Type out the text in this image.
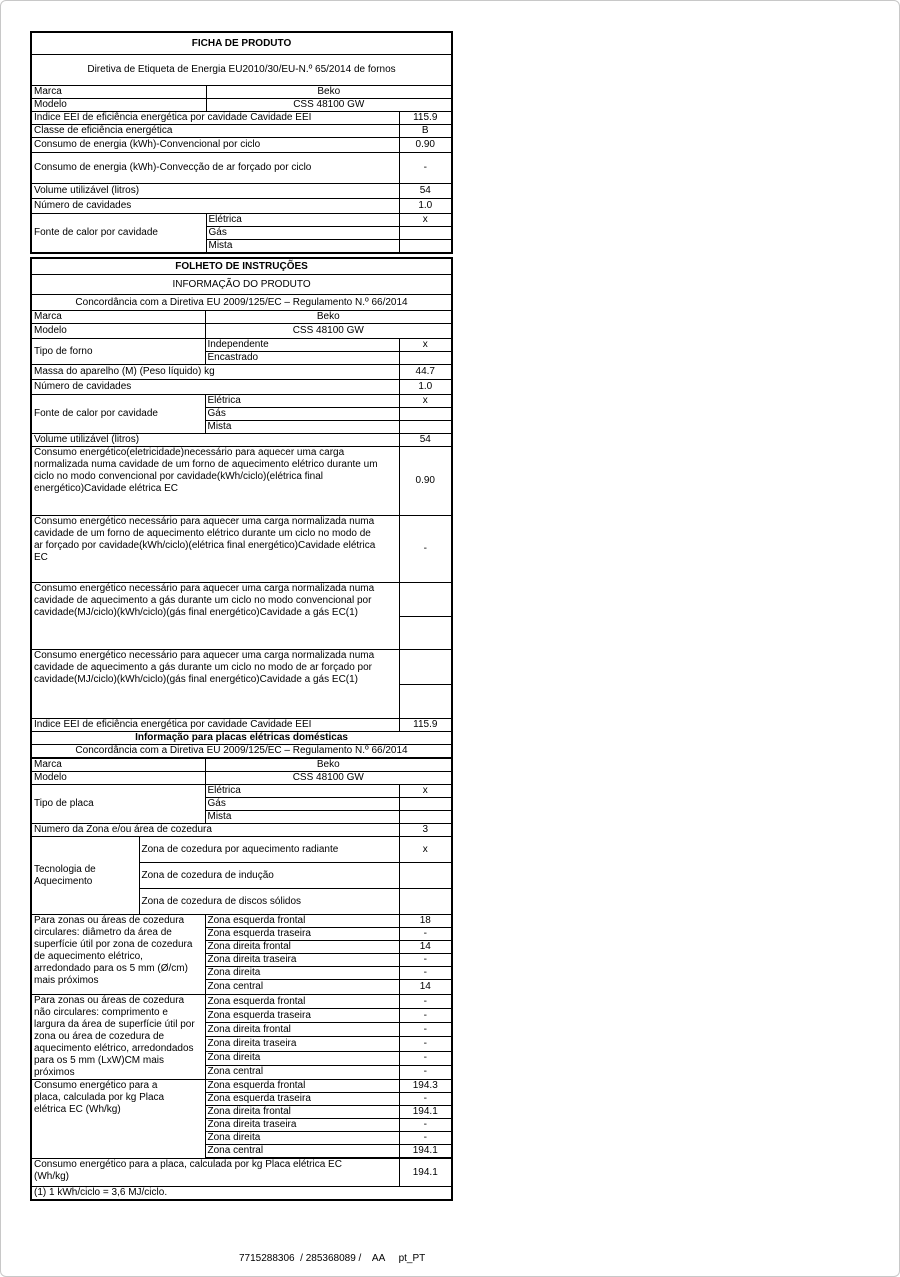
FICHA DE PRODUTO		
Diretiva de Etiqueta de Energia EU2010/30/EU-N.º 65/2014 de fornos		
Marca	Beko	
Modelo	CSS 48100 GW	
Indice EEI de eficiência energética por cavidade Cavidade EEI		115.9
Classe de eficiência energética		B
Consumo de energia (kWh)-Convencional por ciclo		0.90
Consumo de energia (kWh)-Convecção de ar forçado por ciclo		-
Volume utilizável (litros)		54
Número de cavidades		1.0
Fonte de calor por cavidade	Elétrica	x
	Gás	
	Mista	
FOLHETO DE INSTRUÇÕES			
INFORMAÇÃO DO PRODUTO			
Concordância com a Diretiva EU 2009/125/EC – Regulamento N.º 66/2014			
Marca		Beko	
Modelo		CSS 48100 GW	
Tipo de forno		Independente	x
		Encastrado	
Massa do aparelho (M) (Peso líquido) kg			44.7
Número de cavidades			1.0
Fonte de calor por cavidade		Elétrica	x
		Gás	
		Mista	
Volume utilizável (litros)			54
Consumo energético(eletricidade)necessário para aquecer uma carga normalizada numa cavidade de um forno de aquecimento elétrico durante um ciclo no modo convencional por cavidade(kWh/ciclo)(elétrica final energético)Cavidade elétrica EC			0.90
Consumo energético necessário para aquecer uma carga normalizada numa cavidade de um forno de aquecimento elétrico durante um ciclo no modo de ar forçado por cavidade(kWh/ciclo)(elétrica final energético)Cavidade elétrica EC			-
Consumo energético necessário para aquecer uma carga normalizada numa cavidade de aquecimento a gás durante um ciclo no modo convencional por cavidade(MJ/ciclo)(kWh/ciclo)(gás final energético)Cavidade a gás EC(1)			

Consumo energético necessário para aquecer uma carga normalizada numa cavidade de aquecimento a gás durante um ciclo no modo de ar forçado por cavidade(MJ/ciclo)(kWh/ciclo)(gás final energético)Cavidade a gás EC(1)			

Indice EEI de eficiência energética por cavidade Cavidade EEI			115.9
Informação para placas elétricas domésticas			
Concordância com a Diretiva EU 2009/125/EC – Regulamento N.º 66/2014			
Marca		Beko	
Modelo		CSS 48100 GW	
Tipo de placa		Elétrica	x
		Gás	
		Mista	
Numero da Zona e/ou área de cozedura			3
Tecnologia de Aquecimento	Zona de cozedura por aquecimento radiante		x
	Zona de cozedura de indução		
	Zona de cozedura de discos sólidos		
Para zonas ou áreas de cozedura circulares: diâmetro da área de superfície útil por zona de cozedura de aquecimento elétrico, arredondado para os 5 mm (Ø/cm) mais próximos		Zona esquerda frontal	18
		Zona esquerda traseira	-
		Zona direita frontal	14
		Zona direita traseira	-
		Zona direita	-
		Zona central	14
Para zonas ou áreas de cozedura não circulares: comprimento e largura da área de superfície útil por zona ou área de cozedura de aquecimento elétrico, arredondados para os 5 mm (LxW)CM mais próximos		Zona esquerda frontal	-
		Zona esquerda traseira	-
		Zona direita frontal	-
		Zona direita traseira	-
		Zona direita	-
		Zona central	-
Consumo energético para a placa, calculada por kg Placa elétrica EC (Wh/kg)		Zona esquerda frontal	194.3
		Zona esquerda traseira	-
		Zona direita frontal	194.1
		Zona direita traseira	-
		Zona direita	-
		Zona central	194.1
Consumo energético para a placa, calculada por kg Placa elétrica EC (Wh/kg)			194.1
(1) 1 kWh/ciclo = 3,6 MJ/ciclo.			
7715288306  / 285368089 /    AA     pt_PT
